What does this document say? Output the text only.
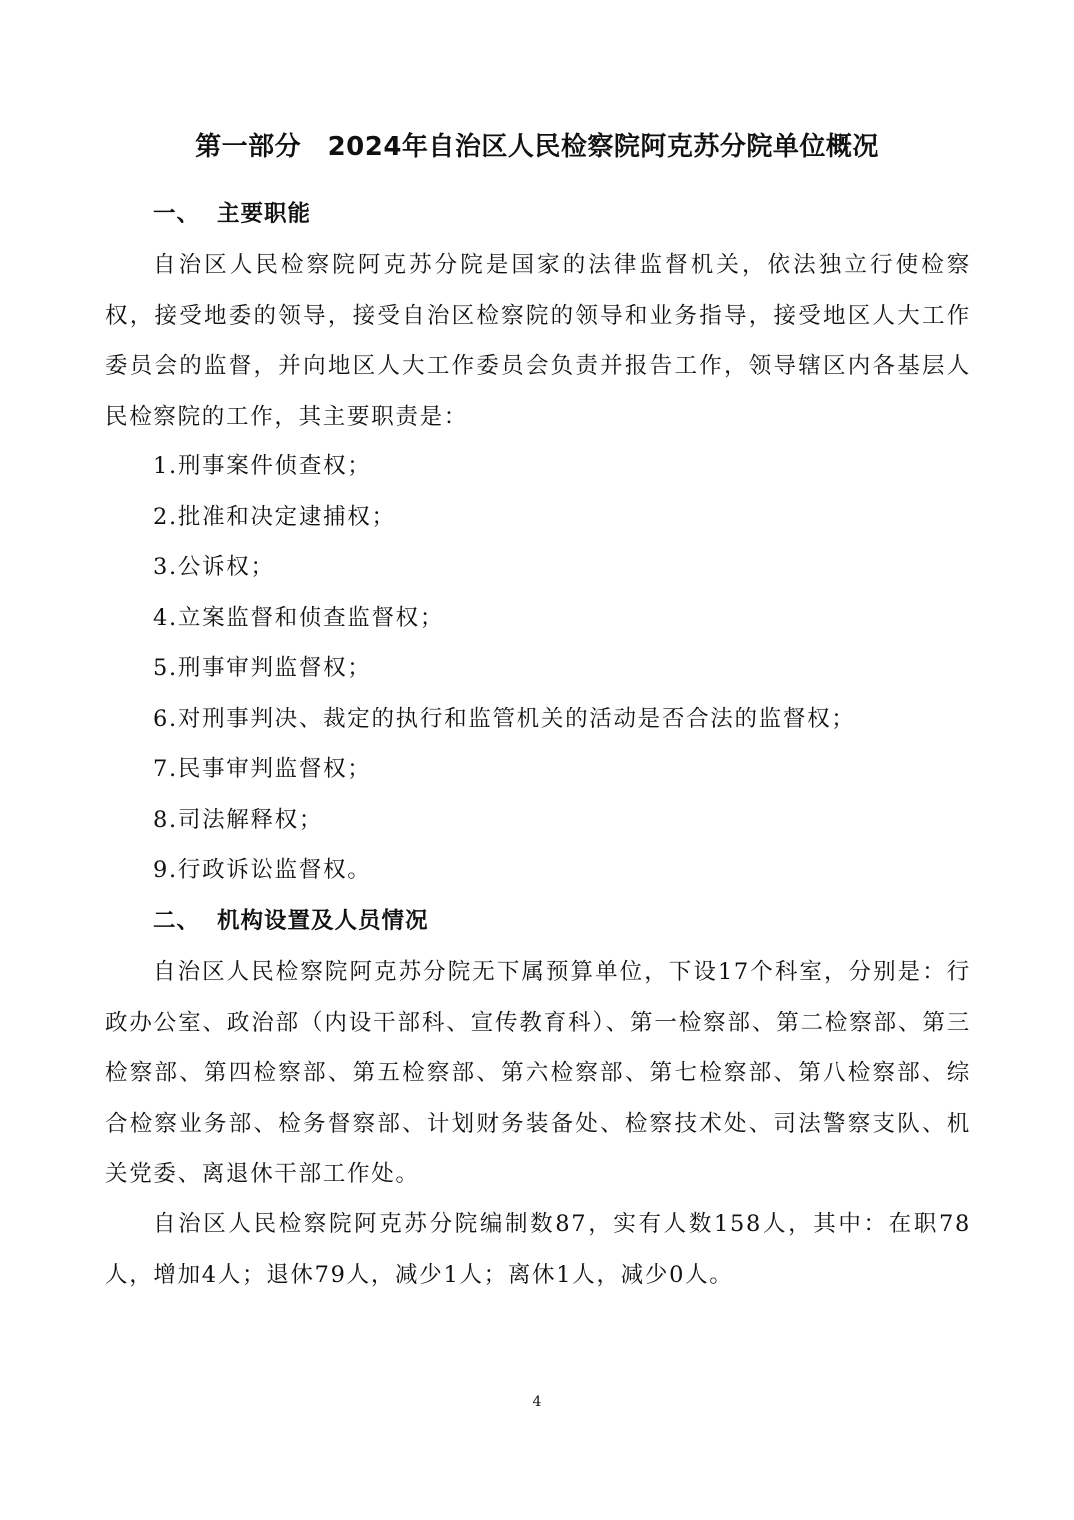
第一部分　2024年自治区人民检察院阿克苏分院单位概况
一、 主要职能

自治区人民检察院阿克苏分院是国家的法律监督机关，依法独立行使检察权，接受地委的领导，接受自治区检察院的领导和业务指导，接受地区人大工作委员会的监督，并向地区人大工作委员会负责并报告工作，领导辖区内各基层人民检察院的工作，其主要职责是：

1.刑事案件侦查权；
2.批准和决定逮捕权；
3.公诉权；
4.立案监督和侦查监督权；
5.刑事审判监督权；
6.对刑事判决、裁定的执行和监管机关的活动是否合法的监督权；
7.民事审判监督权；
8.司法解释权；
9.行政诉讼监督权。
二、 机构设置及人员情况

自治区人民检察院阿克苏分院无下属预算单位，下设17个科室，分别是：行政办公室、政治部（内设干部科、宣传教育科）、第一检察部、第二检察部、第三检察部、第四检察部、第五检察部、第六检察部、第七检察部、第八检察部、综合检察业务部、检务督察部、计划财务装备处、检察技术处、司法警察支队、机关党委、离退休干部工作处。

自治区人民检察院阿克苏分院编制数87，实有人数158人，其中：在职78人，增加4人；退休79人，减少1人；离休1人，减少0人。

4
